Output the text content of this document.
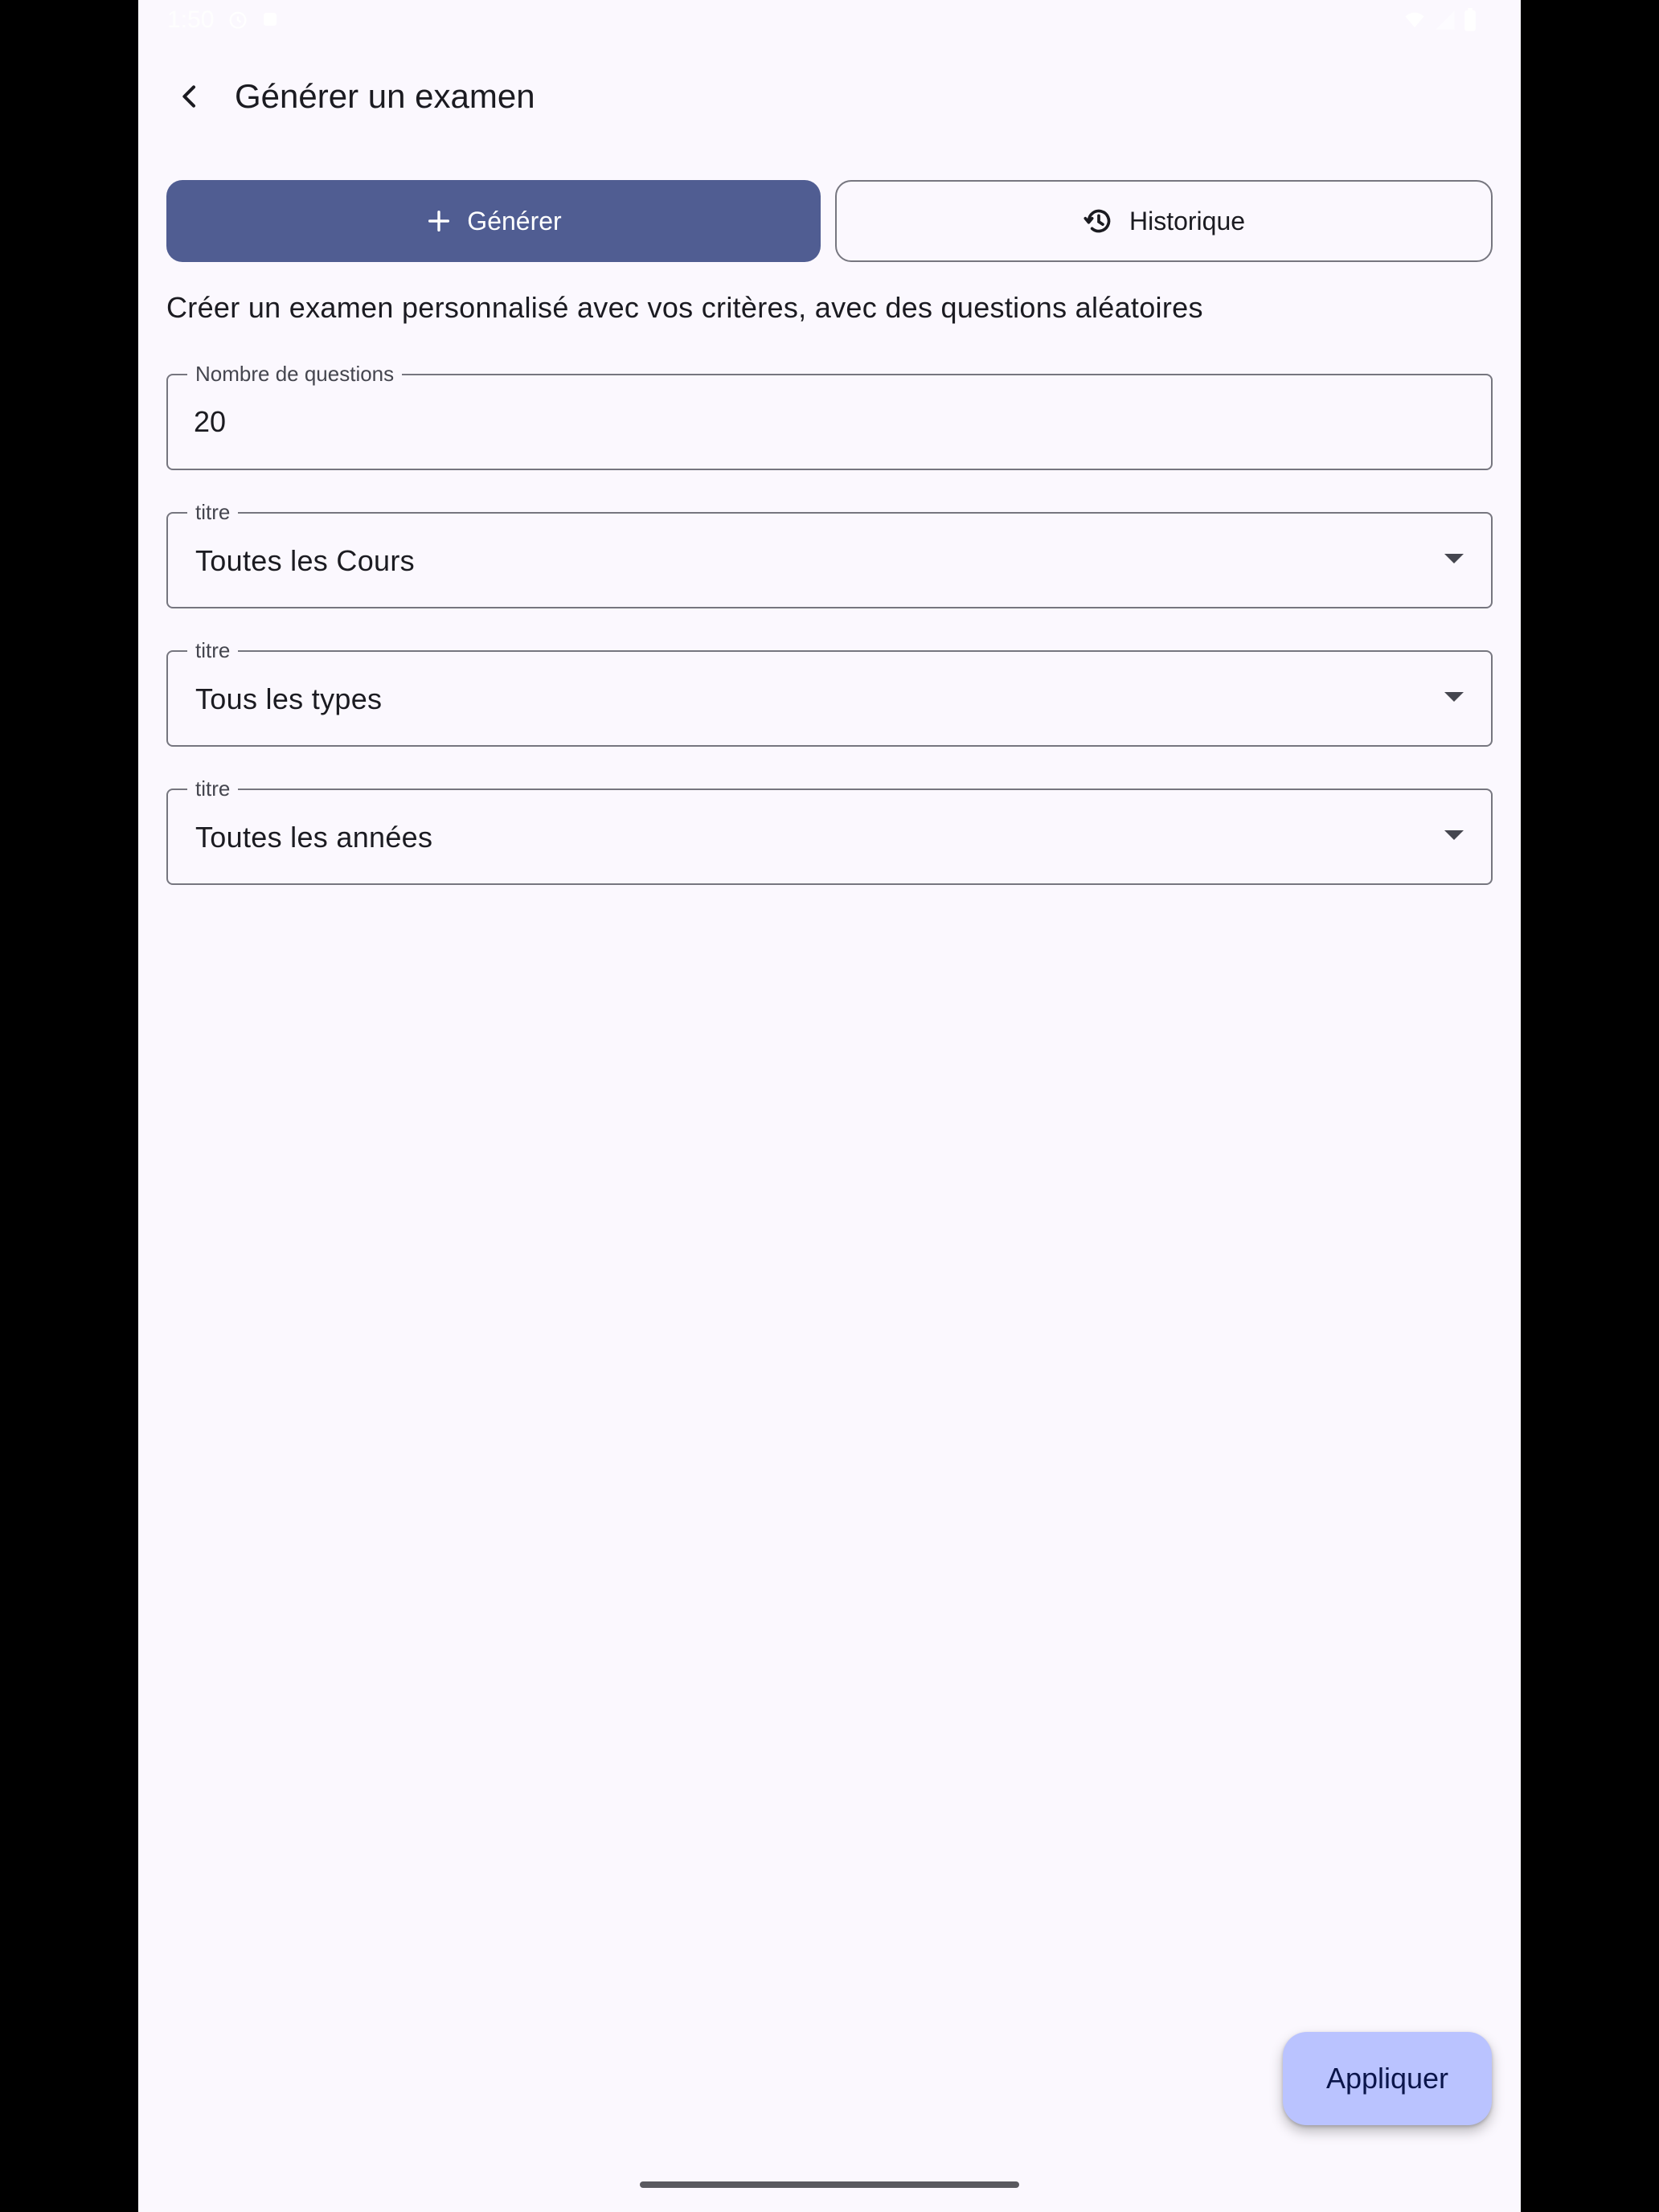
1:50
Générer un examen
Générer	Historique
Créer un examen personnalisé avec vos critères, avec des questions aléatoires
Nombre de questions
20
titre
Toutes les Cours
titre
Tous les types
titre
Toutes les années
Appliquer
